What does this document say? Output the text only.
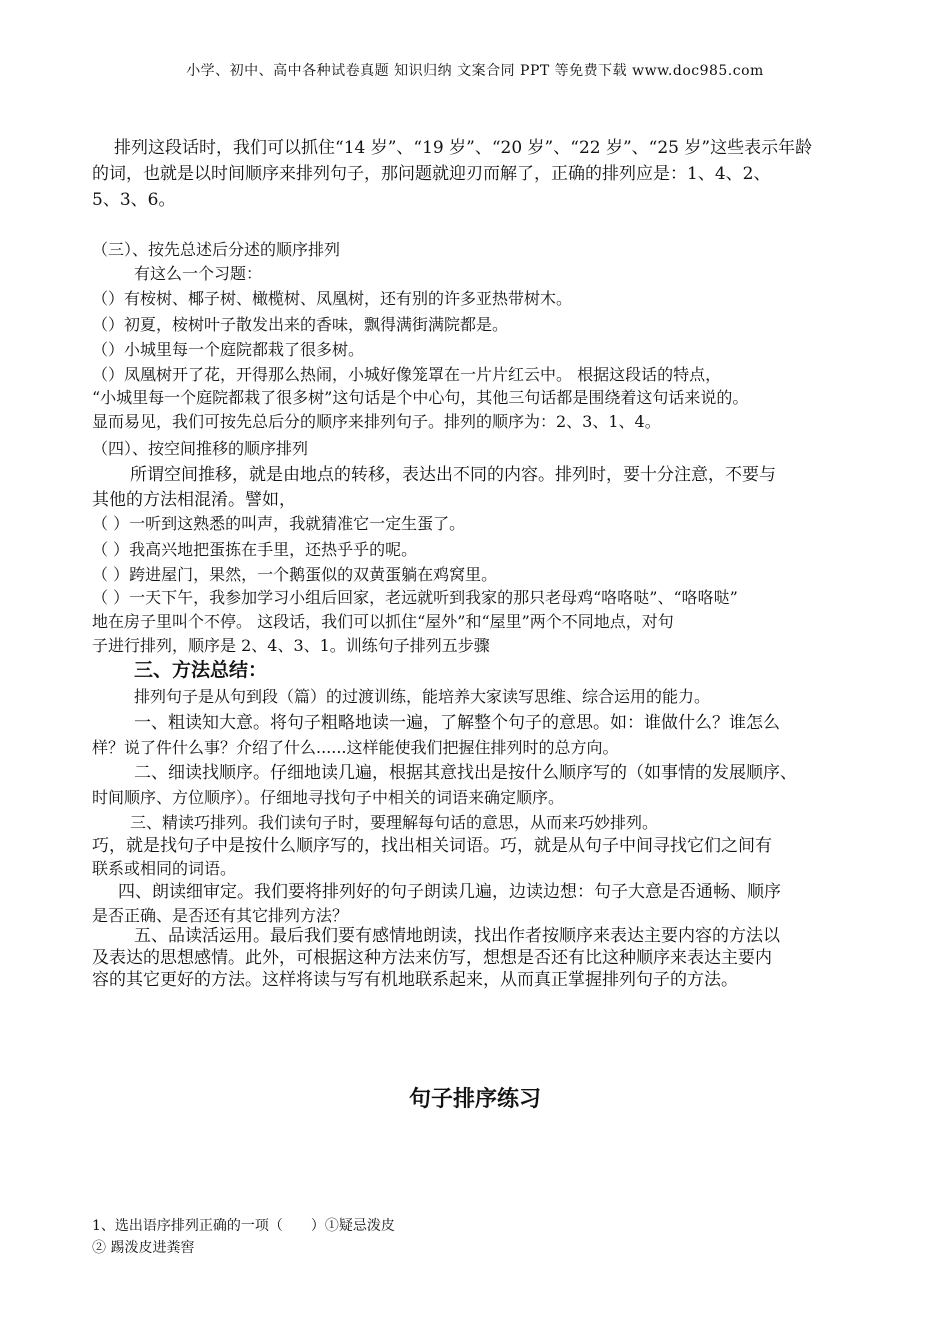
小学、初中、高中各种试卷真题 知识归纳 文案合同 PPT 等免费下载 www.doc985.com
排列这段话时，我们可以抓住“14 岁”、“19 岁”、“20 岁”、“22 岁”、“25 岁”这些表示年龄
的词，也就是以时间顺序来排列句子，那问题就迎刃而解了，正确的排列应是：1、4、2、
5、3、6。
（三）、按先总述后分述的顺序排列
有这么一个习题：
（）有桉树、椰子树、橄榄树、凤凰树，还有别的许多亚热带树木。
（）初夏，桉树叶子散发出来的香味，飘得满街满院都是。
（）小城里每一个庭院都栽了很多树。
（）凤凰树开了花，开得那么热闹，小城好像笼罩在一片片红云中。 根据这段话的特点，
“小城里每一个庭院都栽了很多树”这句话是个中心句，其他三句话都是围绕着这句话来说的。
显而易见，我们可按先总后分的顺序来排列句子。排列的顺序为：2、3、1、4。
（四）、按空间推移的顺序排列
所谓空间推移，就是由地点的转移，表达出不同的内容。排列时，要十分注意，不要与
其他的方法相混淆。譬如，
（ ）一听到这熟悉的叫声，我就猜准它一定生蛋了。
（ ）我高兴地把蛋拣在手里，还热乎乎的呢。
（ ）跨进屋门，果然，一个鹅蛋似的双黄蛋躺在鸡窝里。
（ ）一天下午，我参加学习小组后回家，老远就听到我家的那只老母鸡“咯咯哒”、“咯咯哒”
地在房子里叫个不停。 这段话，我们可以抓住“屋外”和“屋里”两个不同地点，对句
子进行排列，顺序是 2、4、3、1。训练句子排列五步骤
三、方法总结：
排列句子是从句到段（篇）的过渡训练，能培养大家读写思维、综合运用的能力。
一、粗读知大意。将句子粗略地读一遍，了解整个句子的意思。如：谁做什么？谁怎么
样？说了件什么事？介绍了什么......这样能使我们把握住排列时的总方向。
二、细读找顺序。仔细地读几遍，根据其意找出是按什么顺序写的（如事情的发展顺序、
时间顺序、方位顺序）。仔细地寻找句子中相关的词语来确定顺序。
三、精读巧排列。我们读句子时，要理解每句话的意思，从而来巧妙排列。
巧，就是找句子中是按什么顺序写的，找出相关词语。巧，就是从句子中间寻找它们之间有
联系或相同的词语。
四、朗读细审定。我们要将排列好的句子朗读几遍，边读边想：句子大意是否通畅、顺序
是否正确、是否还有其它排列方法？
五、品读活运用。最后我们要有感情地朗读，找出作者按顺序来表达主要内容的方法以
及表达的思想感情。此外，可根据这种方法来仿写，想想是否还有比这种顺序来表达主要内
容的其它更好的方法。这样将读与写有机地联系起来，从而真正掌握排列句子的方法。
句子排序练习
1、选出语序排列正确的一项（　　）①疑忌泼皮
② 踢泼皮进粪窖
